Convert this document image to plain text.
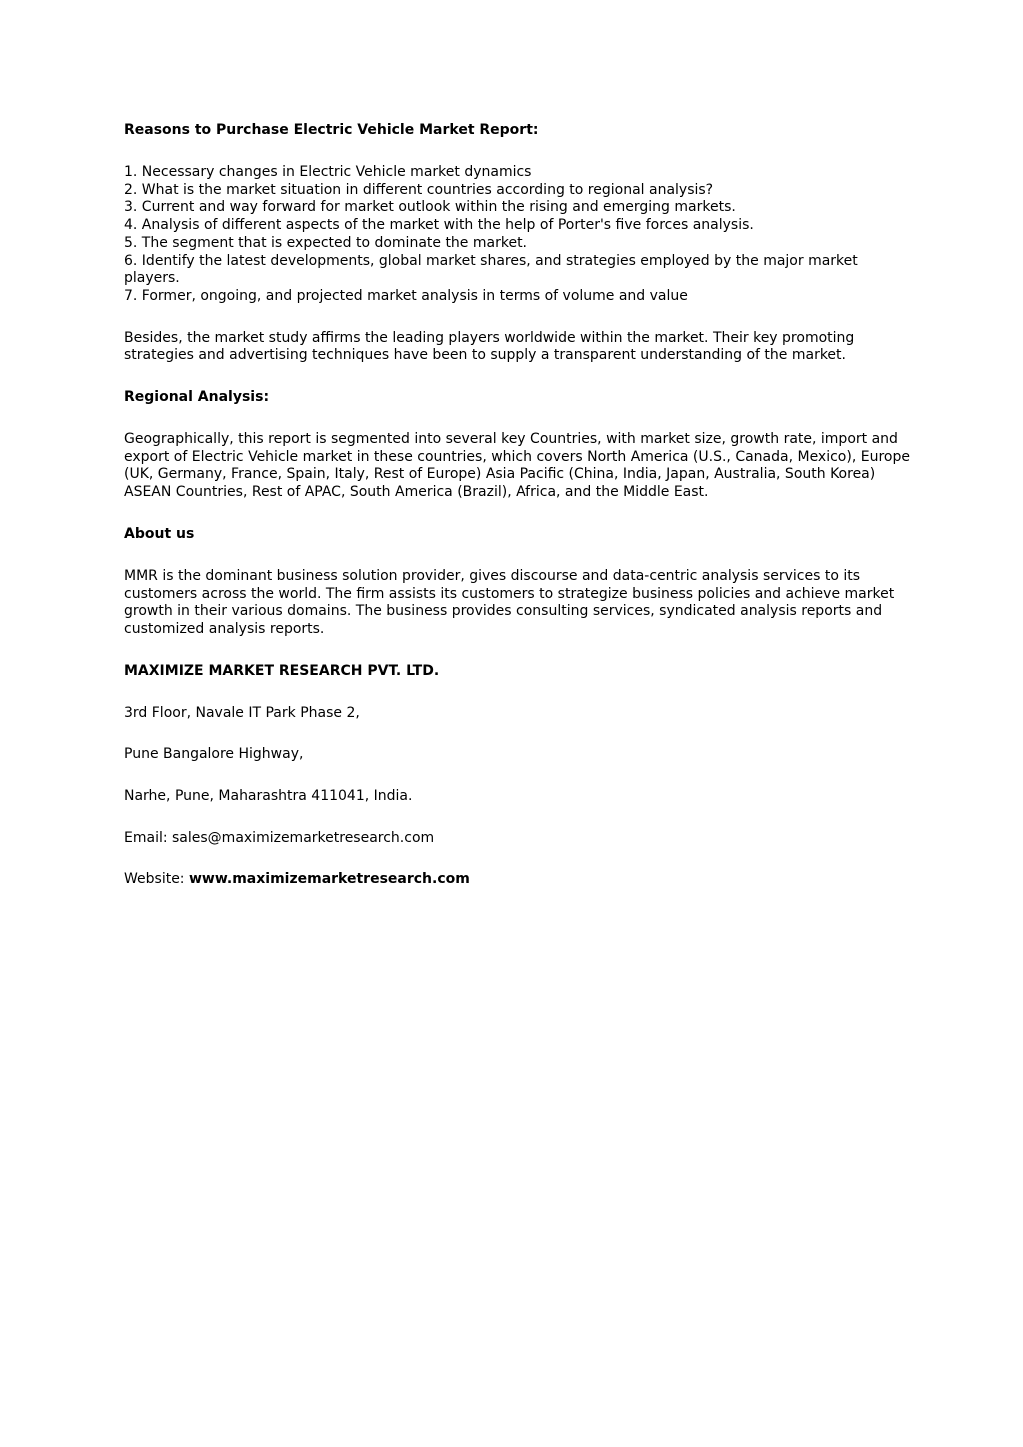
Reasons to Purchase Electric Vehicle Market Report:

1. Necessary changes in Electric Vehicle market dynamics

2. What is the market situation in different countries according to regional analysis?

3. Current and way forward for market outlook within the rising and emerging markets.

4. Analysis of different aspects of the market with the help of Porter's five forces analysis.

5. The segment that is expected to dominate the market.

6. Identify the latest developments, global market shares, and strategies employed by the major market players.

7. Former, ongoing, and projected market analysis in terms of volume and value

Besides, the market study affirms the leading players worldwide within the market. Their key promoting strategies and advertising techniques have been to supply a transparent understanding of the market.

Regional Analysis:

Geographically, this report is segmented into several key Countries, with market size, growth rate, import and export of Electric Vehicle market in these countries, which covers North America (U.S., Canada, Mexico), Europe (UK, Germany, France, Spain, Italy, Rest of Europe) Asia Pacific (China, India, Japan, Australia, South Korea) ASEAN Countries, Rest of APAC, South America (Brazil), Africa, and the Middle East.

About us

MMR is the dominant business solution provider, gives discourse and data-centric analysis services to its customers across the world. The firm assists its customers to strategize business policies and achieve market growth in their various domains. The business provides consulting services, syndicated analysis reports and customized analysis reports.

MAXIMIZE MARKET RESEARCH PVT. LTD.

3rd Floor, Navale IT Park Phase 2,

Pune Bangalore Highway,

Narhe, Pune, Maharashtra 411041, India.

Email: sales@maximizemarketresearch.com

Website: www.maximizemarketresearch.com
